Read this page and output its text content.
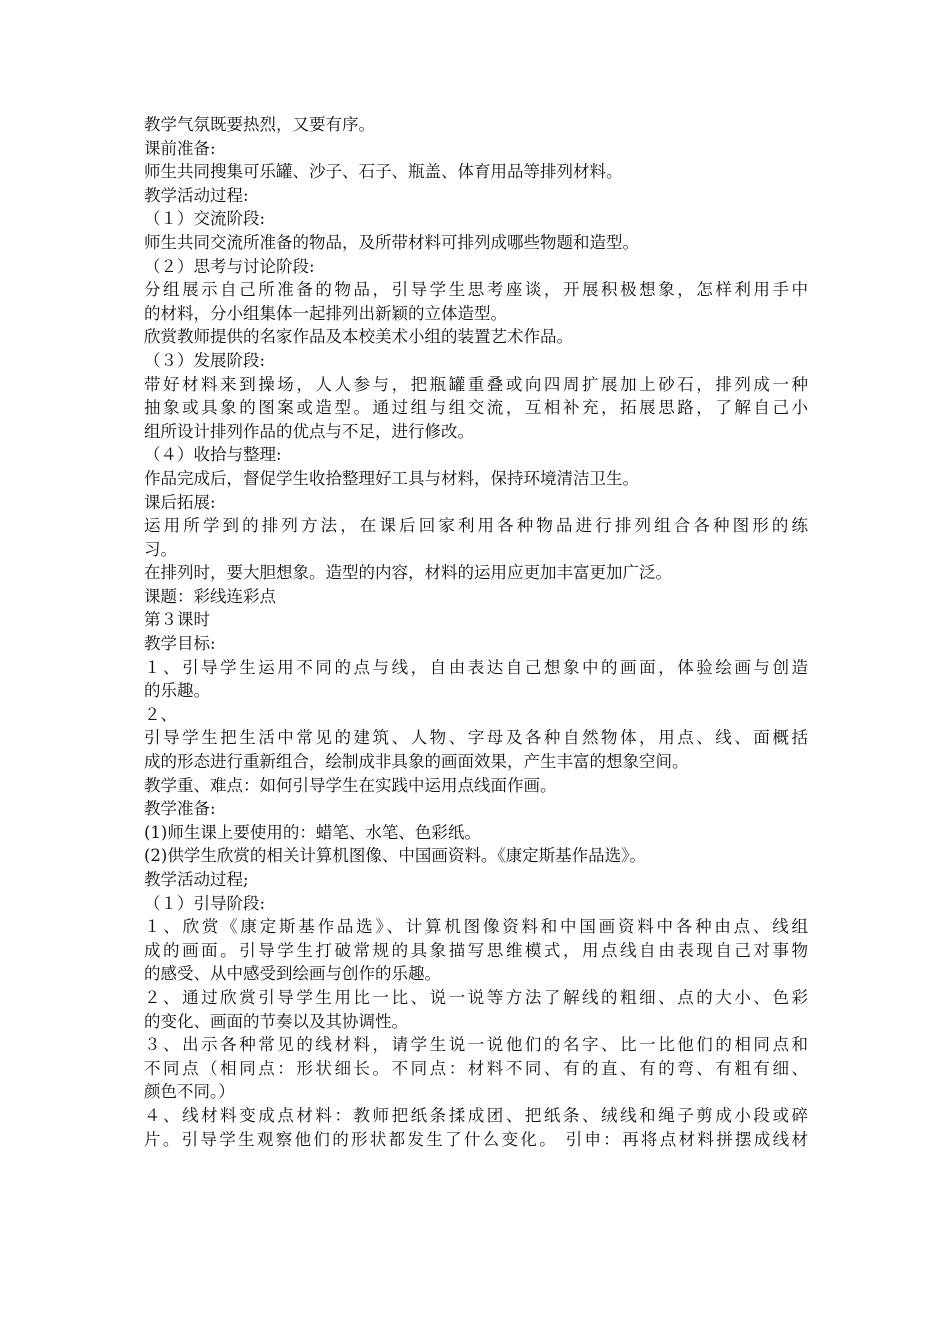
教学气氛既要热烈，又要有序。
课前准备:
师生共同搜集可乐罐、沙子、石子、瓶盖、体育用品等排列材料。
教学活动过程:
（１）交流阶段:
师生共同交流所准备的物品，及所带材料可排列成哪些物题和造型。
（２）思考与讨论阶段:
分组展示自己所准备的物品，引导学生思考座谈，开展积极想象，怎样利用手中
的材料，分小组集体一起排列出新颖的立体造型。
欣赏教师提供的名家作品及本校美术小组的装置艺术作品。
（３）发展阶段:
带好材料来到操场，人人参与，把瓶罐重叠或向四周扩展加上砂石，排列成一种
抽象或具象的图案或造型。通过组与组交流，互相补充，拓展思路，了解自己小
组所设计排列作品的优点与不足，进行修改。
（４）收拾与整理:
作品完成后，督促学生收拾整理好工具与材料，保持环境清洁卫生。
课后拓展:
运用所学到的排列方法，在课后回家利用各种物品进行排列组合各种图形的练
习。
在排列时，要大胆想象。造型的内容，材料的运用应更加丰富更加广泛。
课题：彩线连彩点
第３课时
教学目标:
１、引导学生运用不同的点与线，自由表达自己想象中的画面，体验绘画与创造
的乐趣。
２、
引导学生把生活中常见的建筑、人物、字母及各种自然物体，用点、线、面概括
成的形态进行重新组合，绘制成非具象的画面效果，产生丰富的想象空间。
教学重、难点：如何引导学生在实践中运用点线面作画。
教学准备:
(1)师生课上要使用的：蜡笔、水笔、色彩纸。
(2)供学生欣赏的相关计算机图像、中国画资料。《康定斯基作品选》。
教学活动过程;
（１）引导阶段:
１、欣赏《康定斯基作品选》、计算机图像资料和中国画资料中各种由点、线组
成的画面。引导学生打破常规的具象描写思维模式，用点线自由表现自己对事物
的感受、从中感受到绘画与创作的乐趣。
２、通过欣赏引导学生用比一比、说一说等方法了解线的粗细、点的大小、色彩
的变化、画面的节奏以及其协调性。
３、出示各种常见的线材料，请学生说一说他们的名字、比一比他们的相同点和
不同点（相同点：形状细长。不同点：材料不同、有的直、有的弯、有粗有细、
颜色不同。）
４、线材料变成点材料：教师把纸条揉成团、把纸条、绒线和绳子剪成小段或碎
片。引导学生观察他们的形状都发生了什么变化。 引申：再将点材料拼摆成线材
